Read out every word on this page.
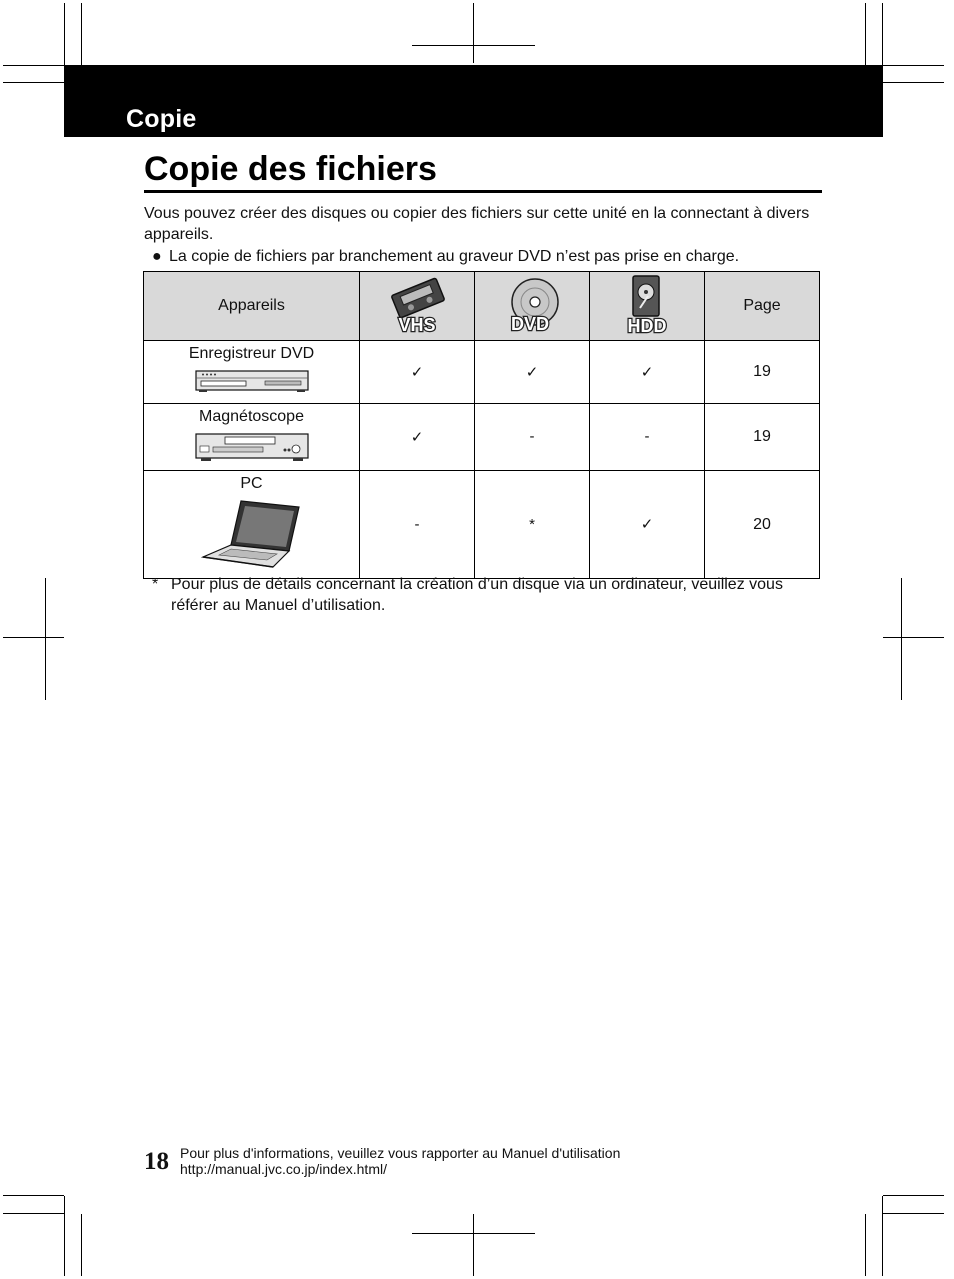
Copie
Copie des fichiers
Vous pouvez créer des disques ou copier des fichiers sur cette unité en la connectant à divers appareils.
● La copie de fichiers par branchement au graveur DVD n’est pas prise en charge.
Appareils	VHS	DVD	HDD	Page

Enregistreur DVD	✓	✓	✓	19

Magnétoscope	✓	-	-	19

PC	-	*	✓	20
* Pour plus de détails concernant la création d’un disque via un ordinateur, veuillez vous référer au Manuel d’utilisation.
18 Pour plus d'informations, veuillez vous rapporter au Manuel d'utilisation
http://manual.jvc.co.jp/index.html/
